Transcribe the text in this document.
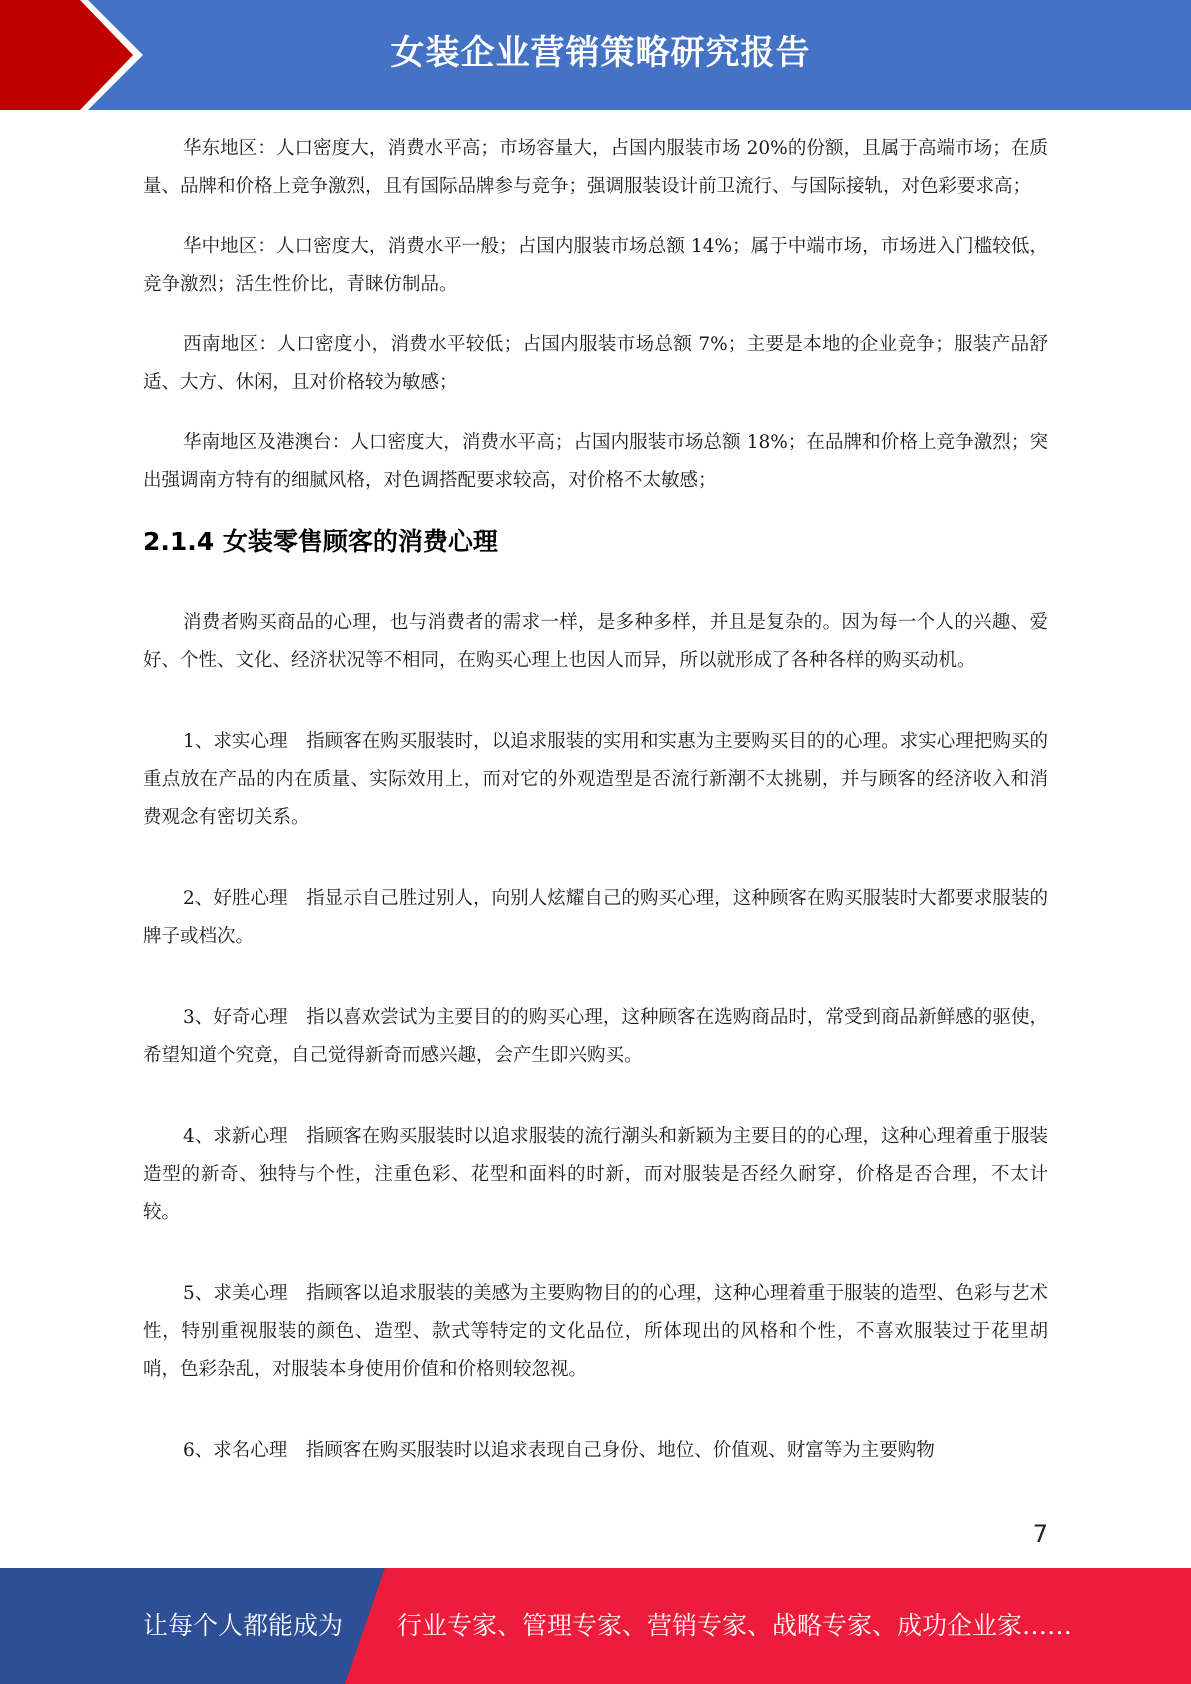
女装企业营销策略研究报告

华东地区：人口密度大，消费水平高；市场容量大，占国内服装市场 20%的份额，且属于高端市场；在质量、品牌和价格上竞争激烈，且有国际品牌参与竞争；强调服装设计前卫流行、与国际接轨，对色彩要求高；

华中地区：人口密度大，消费水平一般；占国内服装市场总额 14%；属于中端市场，市场进入门槛较低，竞争激烈；活生性价比，青睐仿制品。

西南地区：人口密度小，消费水平较低；占国内服装市场总额 7%；主要是本地的企业竞争；服装产品舒适、大方、休闲，且对价格较为敏感；

华南地区及港澳台：人口密度大，消费水平高；占国内服装市场总额 18%；在品牌和价格上竞争激烈；突出强调南方特有的细腻风格，对色调搭配要求较高，对价格不太敏感；

2.1.4 女装零售顾客的消费心理

消费者购买商品的心理，也与消费者的需求一样，是多种多样，并且是复杂的。因为每一个人的兴趣、爱好、个性、文化、经济状况等不相同，在购买心理上也因人而异，所以就形成了各种各样的购买动机。

1、求实心理　指顾客在购买服装时，以追求服装的实用和实惠为主要购买目的的心理。求实心理把购买的重点放在产品的内在质量、实际效用上，而对它的外观造型是否流行新潮不太挑剔，并与顾客的经济收入和消费观念有密切关系。

2、好胜心理　指显示自己胜过别人，向别人炫耀自己的购买心理，这种顾客在购买服装时大都要求服装的牌子或档次。

3、好奇心理　指以喜欢尝试为主要目的的购买心理，这种顾客在选购商品时，常受到商品新鲜感的驱使，希望知道个究竟，自己觉得新奇而感兴趣，会产生即兴购买。

4、求新心理　指顾客在购买服装时以追求服装的流行潮头和新颖为主要目的的心理，这种心理着重于服装造型的新奇、独特与个性，注重色彩、花型和面料的时新，而对服装是否经久耐穿，价格是否合理，不太计较。

5、求美心理　指顾客以追求服装的美感为主要购物目的的心理，这种心理着重于服装的造型、色彩与艺术性，特别重视服装的颜色、造型、款式等特定的文化品位，所体现出的风格和个性，不喜欢服装过于花里胡哨，色彩杂乱，对服装本身使用价值和价格则较忽视。

6、求名心理　指顾客在购买服装时以追求表现自己身份、地位、价值观、财富等为主要购物

7
让每个人都能成为 行业专家、管理专家、营销专家、战略专家、成功企业家……
